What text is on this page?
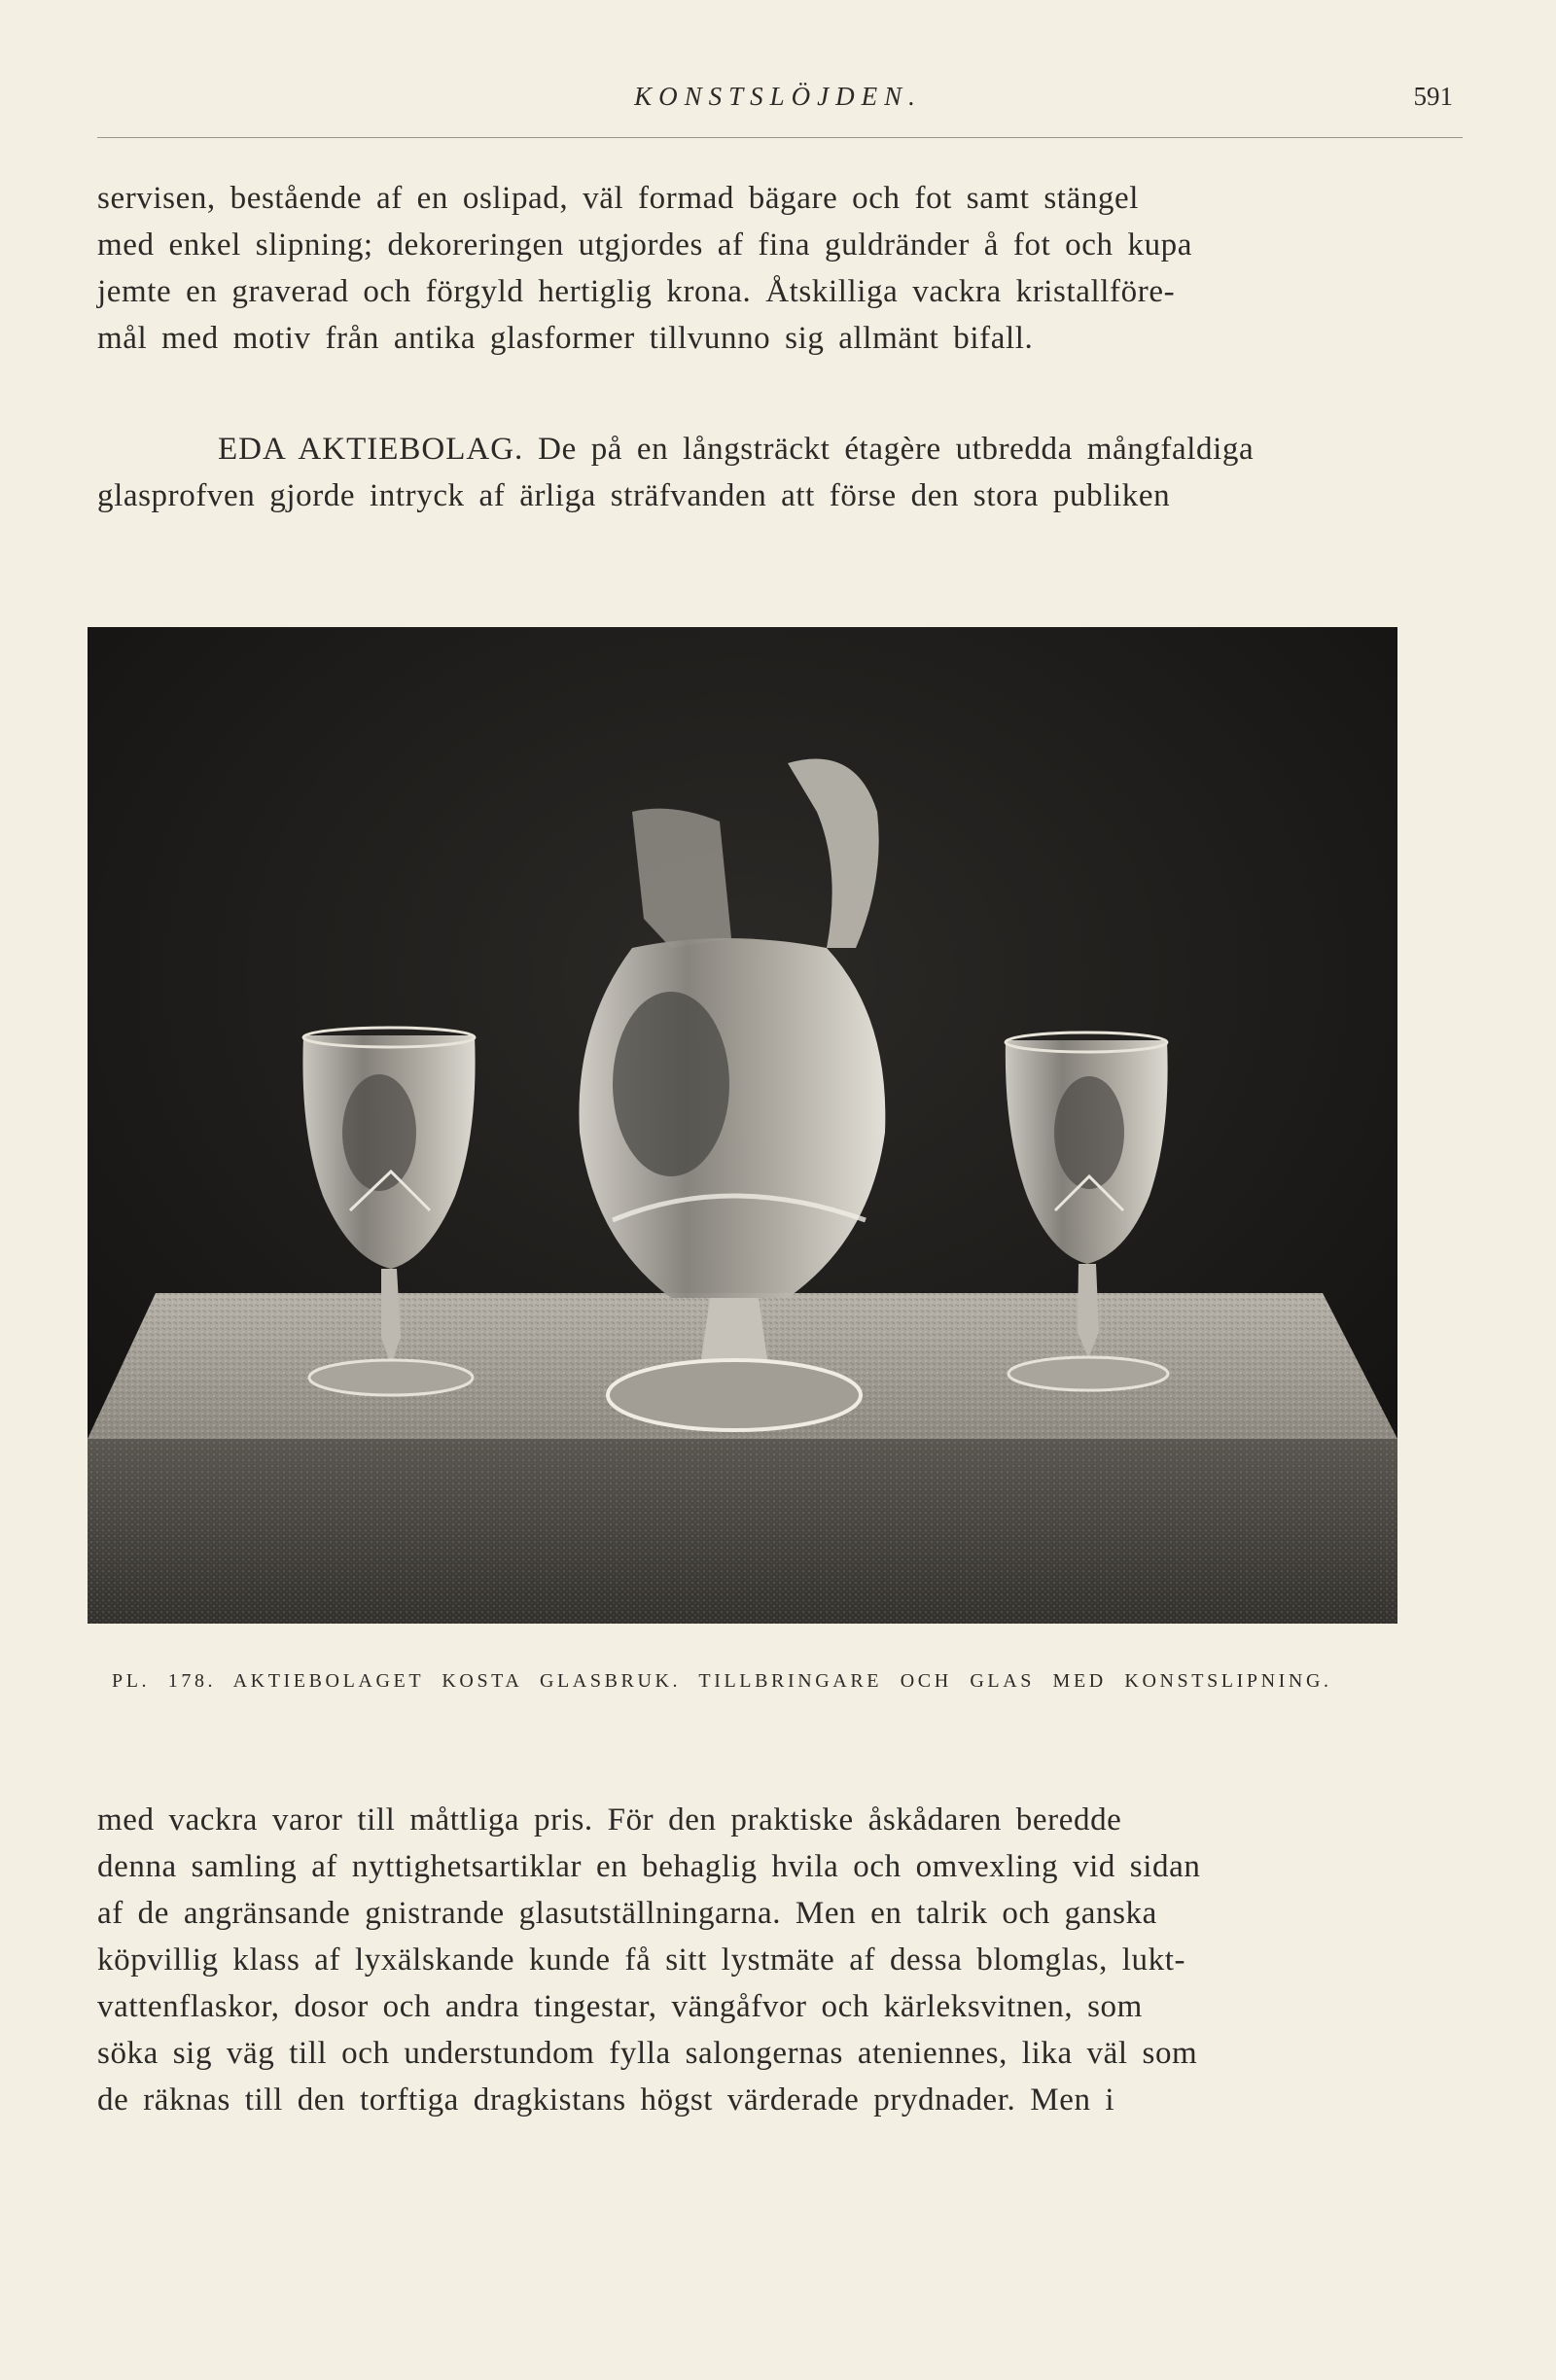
KONSTSLÖJDEN.	591
servisen, bestående af en oslipad, väl formad bägare och fot samt stängel
med enkel slipning; dekoreringen utgjordes af fina guldränder å fot och kupa
jemte en graverad och förgyld hertiglig krona. Åtskilliga vackra kristallföre-
mål med motiv från antika glasformer tillvunno sig allmänt bifall.
EDA AKTIEBOLAG. De på en långsträckt étagère utbredda mångfaldiga
glasprofven gjorde intryck af ärliga sträfvanden att förse den stora publiken
PL. 178. AKTIEBOLAGET KOSTA GLASBRUK. TILLBRINGARE OCH GLAS MED KONSTSLIPNING.
med vackra varor till måttliga pris. För den praktiske åskådaren beredde
denna samling af nyttighetsartiklar en behaglig hvila och omvexling vid sidan
af de angränsande gnistrande glasutställningarna. Men en talrik och ganska
köpvillig klass af lyxälskande kunde få sitt lystmäte af dessa blomglas, lukt-
vattenflaskor, dosor och andra tingestar, vängåfvor och kärleksvitnen, som
söka sig väg till och understundom fylla salongernas ateniennes, lika väl som
de räknas till den torftiga dragkistans högst värderade prydnader. Men i
